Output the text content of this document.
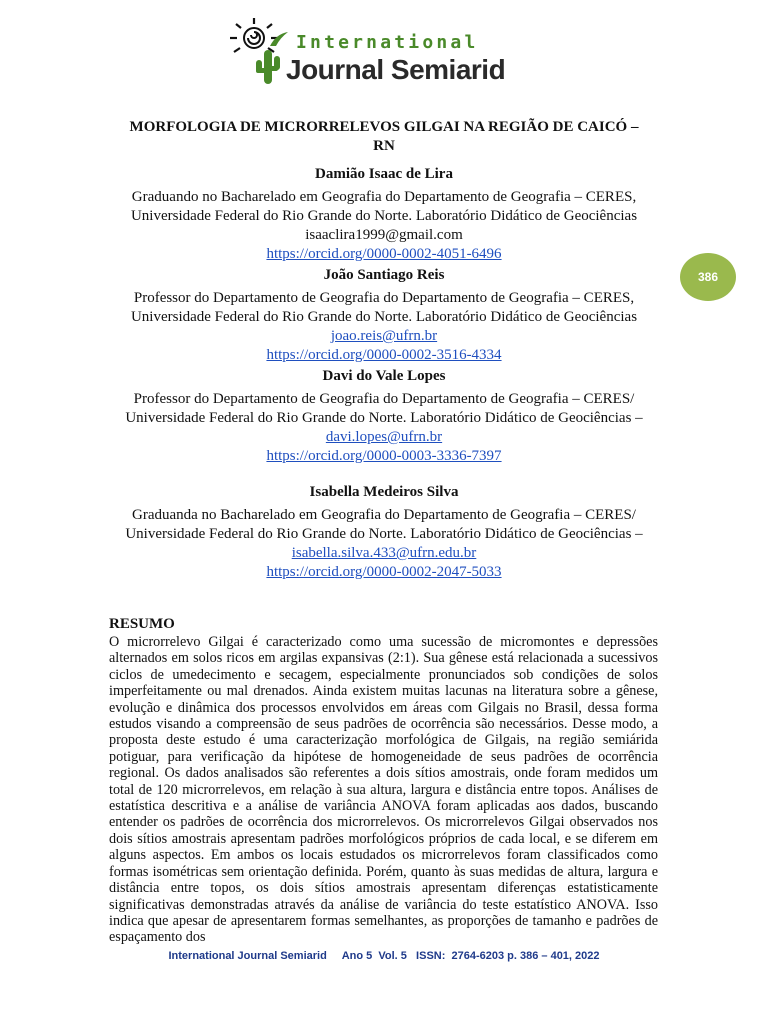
International
Journal Semiarid
MORFOLOGIA DE MICRORRELEVOS GILGAI NA REGIÃO DE CAICÓ –
RN
Damião Isaac de Lira
Graduando no Bacharelado em Geografia do Departamento de Geografia – CERES,
Universidade Federal do Rio Grande do Norte. Laboratório Didático de Geociências
isaaclira1999@gmail.com
https://orcid.org/0000-0002-4051-6496
João Santiago Reis
Professor do Departamento de Geografia do Departamento de Geografia – CERES,
Universidade Federal do Rio Grande do Norte. Laboratório Didático de Geociências
joao.reis@ufrn.br
https://orcid.org/0000-0002-3516-4334
386
Davi do Vale Lopes
Professor do Departamento de Geografia do Departamento de Geografia – CERES/
Universidade Federal do Rio Grande do Norte. Laboratório Didático de Geociências –
davi.lopes@ufrn.br
https://orcid.org/0000-0003-3336-7397
Isabella Medeiros Silva
Graduanda no Bacharelado em Geografia do Departamento de Geografia – CERES/
Universidade Federal do Rio Grande do Norte. Laboratório Didático de Geociências –
isabella.silva.433@ufrn.edu.br
https://orcid.org/0000-0002-2047-5033
RESUMO
O microrrelevo Gilgai é caracterizado como uma sucessão de micromontes e depressões alternados em solos ricos em argilas expansivas (2:1). Sua gênese está relacionada a sucessivos ciclos de umedecimento e secagem, especialmente pronunciados sob condições de solos imperfeitamente ou mal drenados. Ainda existem muitas lacunas na literatura sobre a gênese, evolução e dinâmica dos processos envolvidos em áreas com Gilgais no Brasil, dessa forma estudos visando a compreensão de seus padrões de ocorrência são necessários. Desse modo, a proposta deste estudo é uma caracterização morfológica de Gilgais, na região semiárida potiguar, para verificação da hipótese de homogeneidade de seus padrões de ocorrência regional. Os dados analisados são referentes a dois sítios amostrais, onde foram medidos um total de 120 microrrelevos, em relação à sua altura, largura e distância entre topos. Análises de estatística descritiva e a análise de variância ANOVA foram aplicadas aos dados, buscando entender os padrões de ocorrência dos microrrelevos. Os microrrelevos Gilgai observados nos dois sítios amostrais apresentam padrões morfológicos próprios de cada local, e se diferem em alguns aspectos. Em ambos os locais estudados os microrrelevos foram classificados como formas isométricas sem orientação definida. Porém, quanto às suas medidas de altura, largura e distância entre topos, os dois sítios amostrais apresentam diferenças estatisticamente significativas demonstradas através da análise de variância do teste estatístico ANOVA. Isso indica que apesar de apresentarem formas semelhantes, as proporções de tamanho e padrões de espaçamento dos
International Journal Semiarid Ano 5  Vol. 5   ISSN:  2764-6203 p. 386 – 401, 2022
